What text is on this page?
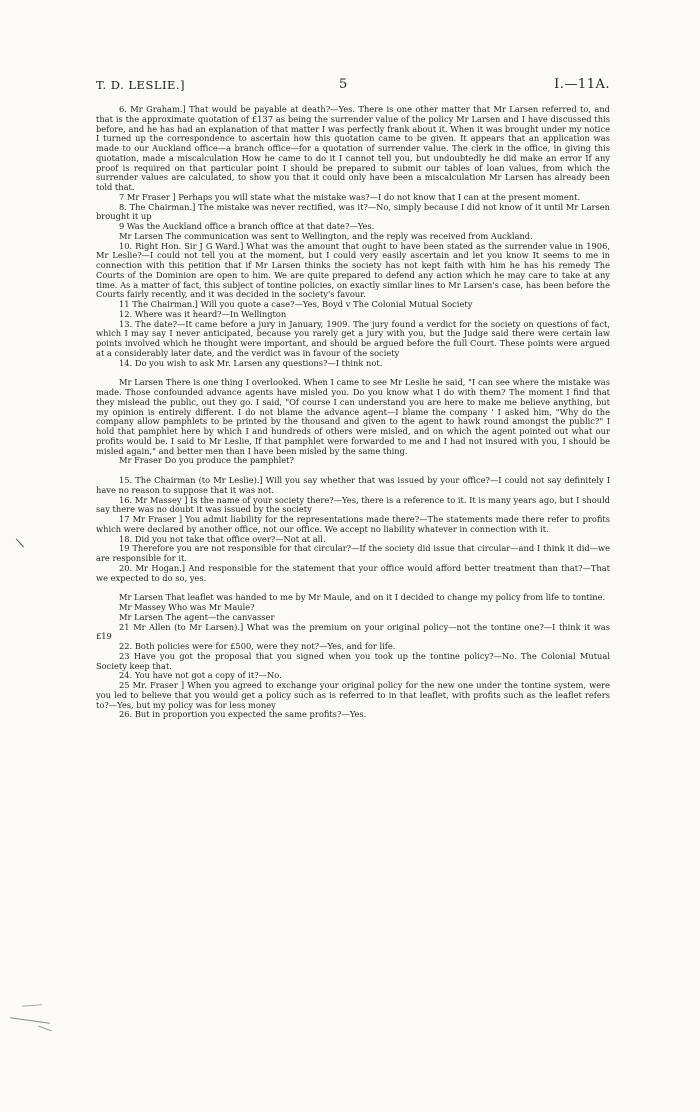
T. D. LESLIE.]	5	I.—11A.

6. Mr Graham.] That would be payable at death?—Yes. There is one other matter that Mr Larsen referred to, and that is the approximate quotation of £137 as being the surrender value of the policy Mr Larsen and I have discussed this before, and he has had an explanation of that matter I was perfectly frank about it. When it was brought under my notice I turned up the correspondence to ascertain how this quotation came to be given. It appears that an application was made to our Auckland office—a branch office—for a quotation of surrender value. The clerk in the office, in giving this quotation, made a miscalculation How he came to do it I cannot tell you, but undoubtedly he did make an error If any proof is required on that particular point I should be prepared to submit our tables of loan values, from which the surrender values are calculated, to show you that it could only have been a miscalculation Mr Larsen has already been told that.

7 Mr Fraser ] Perhaps you will state what the mistake was?—I do not know that I can at the present moment.

8. The Chairman.] The mistake was never rectified, was it?—No, simply because I did not know of it until Mr Larsen brought it up

9 Was the Auckland office a branch office at that date?—Yes.

Mr Larsen The communication was sent to Wellington, and the reply was received from Auckland.

10. Right Hon. Sir J G Ward.] What was the amount that ought to have been stated as the surrender value in 1906, Mr Leslie?—I could not tell you at the moment, but I could very easily ascertain and let you know It seems to me in connection with this petition that if Mr Larsen thinks the society has not kept faith with him he has his remedy The Courts of the Dominion are open to him. We are quite prepared to defend any action which he may care to take at any time. As a matter of fact, this subject of tontine policies, on exactly similar lines to Mr Larsen's case, has been before the Courts fairly recently, and it was decided in the society's favour.

11 The Chairman.] Will you quote a case?—Yes, Boyd v The Colonial Mutual Society

12. Where was it heard?—In Wellington

13. The date?—It came before a jury in January, 1909. The jury found a verdict for the society on questions of fact, which I may say I never anticipated, because you rarely get a jury with you, but the Judge said there were certain law points involved which he thought were important, and should be argued before the full Court. These points were argued at a considerably later date, and the verdict was in favour of the society

14. Do you wish to ask Mr. Larsen any questions?—I think not.

Mr Larsen There is one thing I overlooked. When I came to see Mr Leslie he said, "I can see where the mistake was made. Those confounded advance agents have misled you. Do you know what I do with them? The moment I find that they mislead the public, out they go. I said, "Of course I can understand you are here to make me believe anything, but my opinion is entirely different. I do not blame the advance agent—I blame the company ' I asked him, "Why do the company allow pamphlets to be printed by the thousand and given to the agent to hawk round amongst the public?" I hold that pamphlet here by which I and hundreds of others were misled, and on which the agent pointed out what our profits would be. I said to Mr Leslie, If that pamphlet were forwarded to me and I had not insured with you, I should be misled again," and better men than I have been misled by the same thing.

Mr Fraser Do you produce the pamphlet?

15. The Chairman (to Mr Leslie).] Will you say whether that was issued by your office?—I could not say definitely I have no reason to suppose that it was not.

16. Mr Massey ] Is the name of your society there?—Yes, there is a reference to it. It is many years ago, but I should say there was no doubt it was issued by the society

17 Mr Fraser ] You admit liability for the representations made there?—The statements made there refer to profits which were declared by another office, not our office. We accept no liability whatever in connection with it.

18. Did you not take that office over?—Not at all.

19 Therefore you are not responsible for that circular?—If the society did issue that circular—and I think it did—we are responsible for it.

20. Mr Hogan.] And responsible for the statement that your office would afford better treatment than that?—That we expected to do so, yes.

Mr Larsen That leaflet was handed to me by Mr Maule, and on it I decided to change my policy from life to tontine.

Mr Massey Who was Mr Maule?

Mr Larsen The agent—the canvasser

21 Mr Allen (to Mr Larsen).] What was the premium on your original policy—not the tontine one?—I think it was £19

22. Both policies were for £500, were they not?—Yes, and for life.

23 Have you got the proposal that you signed when you took up the tontine policy?—No. The Colonial Mutual Society keep that.

24. You have not got a copy of it?—No.

25 Mr. Fraser ] When you agreed to exchange your original policy for the new one under the tontine system, were you led to believe that you would get a policy such as is referred to in that leaflet, with profits such as the leaflet refers to?—Yes, but my policy was for less money

26. But in proportion you expected the same profits?—Yes.

\
